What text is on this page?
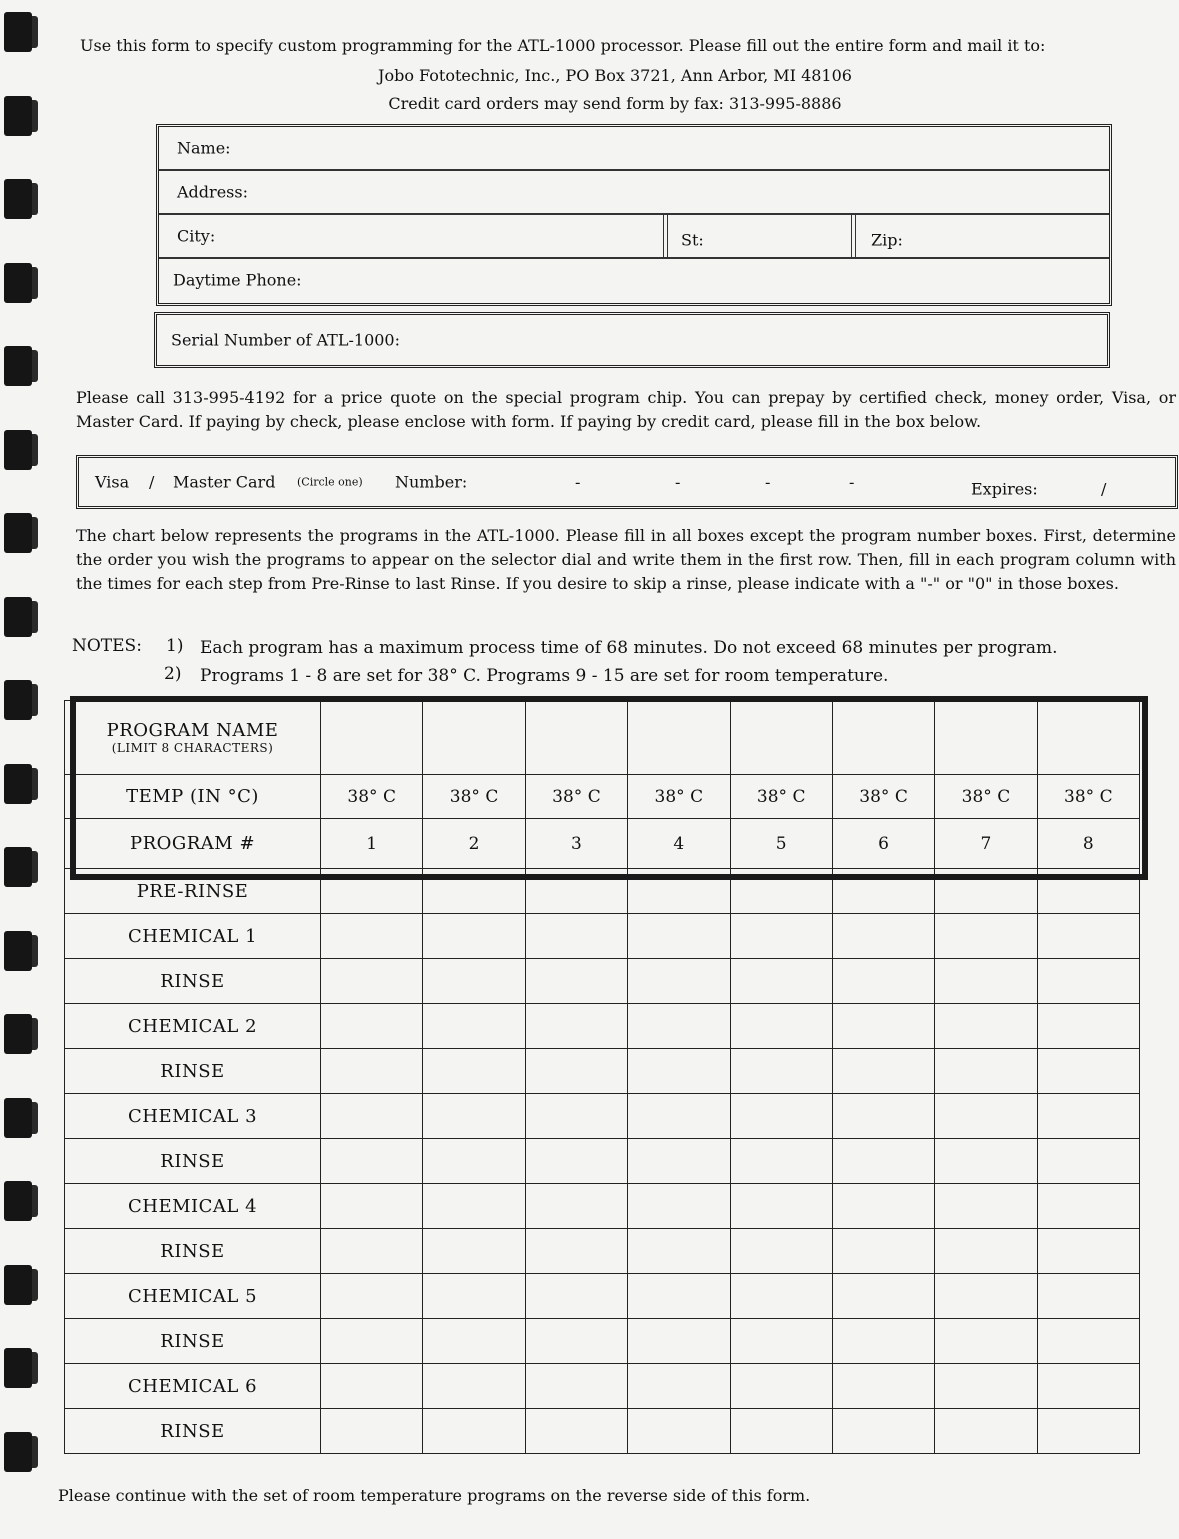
Use this form to specify custom programming for the ATL-1000 processor. Please fill out the entire form and mail it to:
Jobo Fototechnic, Inc., PO Box 3721, Ann Arbor, MI 48106
Credit card orders may send form by fax: 313-995-8886
Name:
Address:
City:	St:	Zip:
Daytime Phone:
Serial Number of ATL-1000:
Please call 313-995-4192 for a price quote on the special program chip. You can prepay by certified check, money order, Visa, or Master Card. If paying by check, please enclose with form. If paying by credit card, please fill in the box below.
Visa / Master Card (Circle one) Number:	-	-	-	-	Expires:	/
The chart below represents the programs in the ATL-1000. Please fill in all boxes except the program number boxes. First, determine the order you wish the programs to appear on the selector dial and write them in the first row. Then, fill in each program column with the times for each step from Pre-Rinse to last Rinse. If you desire to skip a rinse, please indicate with a "-" or "0" in those boxes.
NOTES: 1) Each program has a maximum process time of 68 minutes. Do not exceed 68 minutes per program.
2) Programs 1 - 8 are set for 38° C. Programs 9 - 15 are set for room temperature.
PROGRAM NAME
(LIMIT 8 CHARACTERS)								

TEMP (IN °C)	38° C	38° C	38° C	38° C	38° C	38° C	38° C	38° C
PROGRAM #	1	2	3	4	5	6	7	8
PRE-RINSE								
CHEMICAL 1								
RINSE								
CHEMICAL 2								
RINSE								
CHEMICAL 3								
RINSE								
CHEMICAL 4								
RINSE								
CHEMICAL 5								
RINSE								
CHEMICAL 6								
RINSE								
Please continue with the set of room temperature programs on the reverse side of this form.
